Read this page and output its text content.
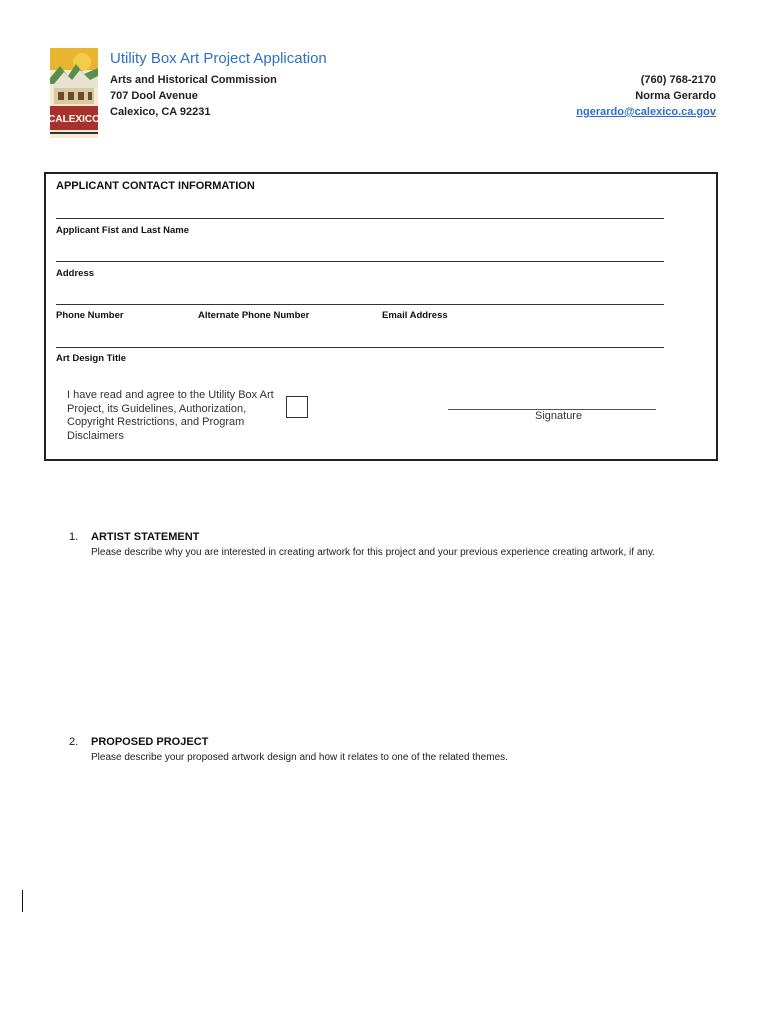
CALEXICO
Utility Box Art Project Application
Arts and Historical Commission
707 Dool Avenue
Calexico, CA 92231
(760) 768-2170
Norma Gerardo
ngerardo@calexico.ca.gov
APPLICANT CONTACT INFORMATION
Applicant Fist and Last Name
Address
Phone Number	Alternate Phone Number	Email Address
Art Design Title
I have read and agree to the Utility Box Art Project, its Guidelines, Authorization, Copyright Restrictions, and Program Disclaimers
Signature
1. ARTIST STATEMENT
Please describe why you are interested in creating artwork for this project and your previous experience creating artwork, if any.
2. PROPOSED PROJECT
Please describe your proposed artwork design and how it relates to one of the related themes.
